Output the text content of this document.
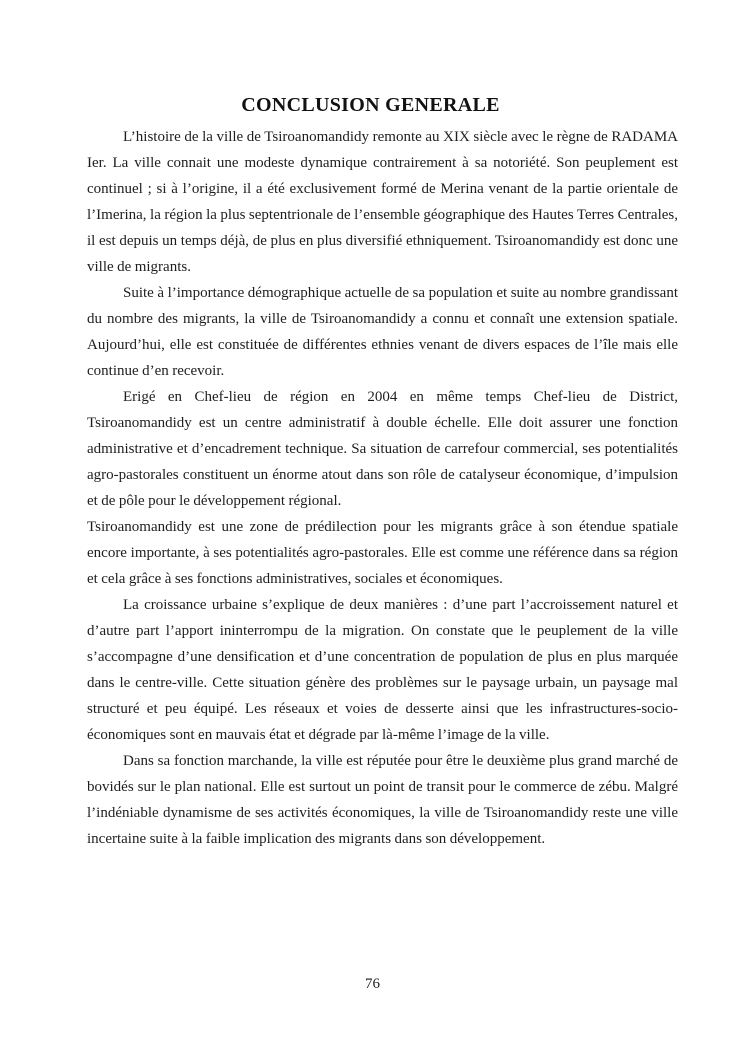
CONCLUSION GENERALE

L’histoire de la ville de Tsiroanomandidy remonte au XIX siècle avec le règne de RADAMA Ier. La ville connait une modeste dynamique contrairement à sa notoriété. Son peuplement est continuel ; si à l’origine, il a été exclusivement formé de Merina venant de la partie orientale de l’Imerina, la région la plus septentrionale de l’ensemble géographique des Hautes Terres Centrales, il est depuis un temps déjà, de plus en plus diversifié ethniquement. Tsiroanomandidy est donc une ville de migrants.

Suite à l’importance démographique actuelle de sa population et suite au nombre grandissant du nombre des migrants, la ville de Tsiroanomandidy a connu et connaît une extension spatiale. Aujourd’hui, elle est constituée de différentes ethnies venant de divers espaces de l’île mais elle continue d’en recevoir.

Erigé en Chef-lieu de région en 2004 en même temps Chef-lieu de District, Tsiroanomandidy est un centre administratif à double échelle. Elle doit assurer une fonction administrative et d’encadrement technique. Sa situation de carrefour commercial, ses potentialités agro-pastorales constituent un énorme atout dans son rôle de catalyseur économique, d’impulsion et de pôle pour le développement régional.

Tsiroanomandidy est une zone de prédilection pour les migrants grâce à son étendue spatiale encore importante, à ses potentialités agro-pastorales. Elle est comme une référence dans sa région et cela grâce à ses fonctions administratives, sociales et économiques.

La croissance urbaine s’explique de deux manières : d’une part l’accroissement naturel et d’autre part l’apport ininterrompu de la migration. On constate que le peuplement de la ville s’accompagne d’une densification et d’une concentration de population de plus en plus marquée dans le centre-ville. Cette situation génère des problèmes sur le paysage urbain, un paysage mal structuré et peu équipé. Les réseaux et voies de desserte ainsi que les infrastructures-socio-économiques sont en mauvais état et dégrade par là-même l’image de la ville.

Dans sa fonction marchande, la ville est réputée pour être le deuxième plus grand marché de bovidés sur le plan national. Elle est surtout un point de transit pour le commerce de zébu. Malgré l’indéniable dynamisme de ses activités économiques, la ville de Tsiroanomandidy reste une ville incertaine suite à la faible implication des migrants dans son développement.

76
